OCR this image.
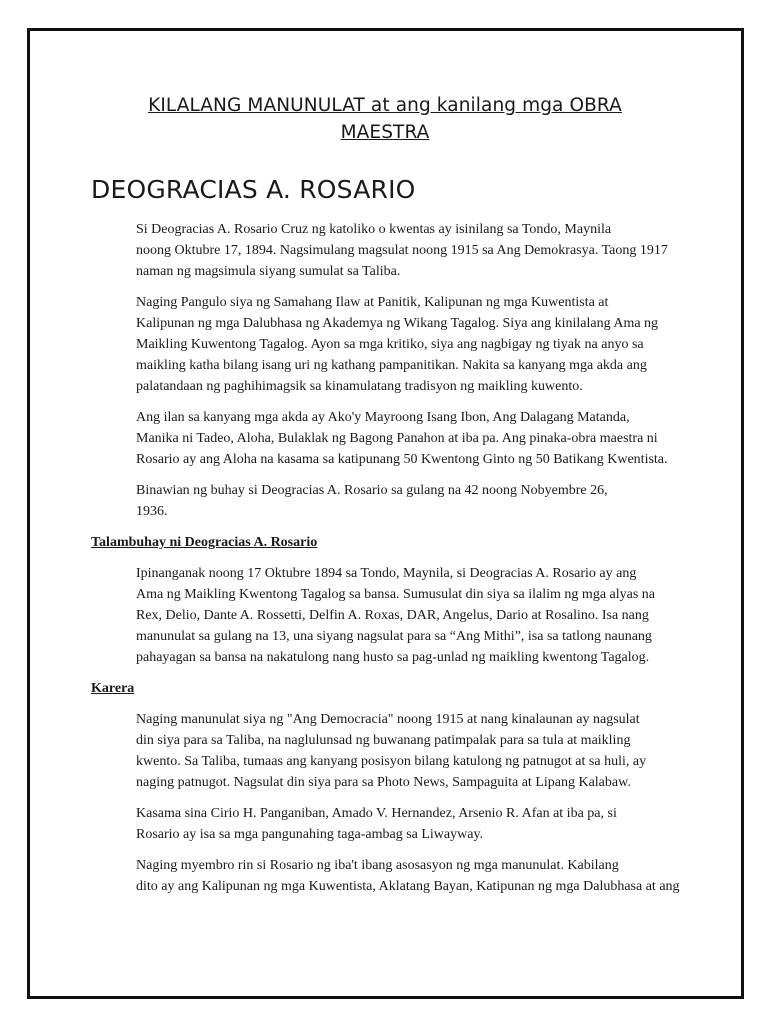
KILALANG MANUNULAT at ang kanilang mga OBRA
MAESTRA
DEOGRACIAS A. ROSARIO

Si Deogracias A. Rosario Cruz ng katoliko o kwentas ay isinilang sa Tondo, Maynila
noong Oktubre 17, 1894. Nagsimulang magsulat noong 1915 sa Ang Demokrasya. Taong 1917
naman ng magsimula siyang sumulat sa Taliba.

Naging Pangulo siya ng Samahang Ilaw at Panitik, Kalipunan ng mga Kuwentista at
Kalipunan ng mga Dalubhasa ng Akademya ng Wikang Tagalog. Siya ang kinilalang Ama ng
Maikling Kuwentong Tagalog. Ayon sa mga kritiko, siya ang nagbigay ng tiyak na anyo sa
maikling katha bilang isang uri ng kathang pampanitikan. Nakita sa kanyang mga akda ang
palatandaan ng paghihimagsik sa kinamulatang tradisyon ng maikling kuwento.

Ang ilan sa kanyang mga akda ay Ako'y Mayroong Isang Ibon, Ang Dalagang Matanda,
Manika ni Tadeo, Aloha, Bulaklak ng Bagong Panahon at iba pa. Ang pinaka-obra maestra ni
Rosario ay ang Aloha na kasama sa katipunang 50 Kwentong Ginto ng 50 Batikang Kwentista.

Binawian ng buhay si Deogracias A. Rosario sa gulang na 42 noong Nobyembre 26,
1936.

Talambuhay ni Deogracias A. Rosario

Ipinanganak noong 17 Oktubre 1894 sa Tondo, Maynila, si Deogracias A. Rosario ay ang
Ama ng Maikling Kwentong Tagalog sa bansa. Sumusulat din siya sa ilalim ng mga alyas na
Rex, Delio, Dante A. Rossetti, Delfin A. Roxas, DAR, Angelus, Dario at Rosalino. Isa nang
manunulat sa gulang na 13, una siyang nagsulat para sa “Ang Mithi”, isa sa tatlong naunang
pahayagan sa bansa na nakatulong nang husto sa pag-unlad ng maikling kwentong Tagalog.

Karera

Naging manunulat siya ng "Ang Democracia" noong 1915 at nang kinalaunan ay nagsulat
din siya para sa Taliba, na naglulunsad ng buwanang patimpalak para sa tula at maikling
kwento. Sa Taliba, tumaas ang kanyang posisyon bilang katulong ng patnugot at sa huli, ay
naging patnugot. Nagsulat din siya para sa Photo News, Sampaguita at Lipang Kalabaw.

Kasama sina Cirio H. Panganiban, Amado V. Hernandez, Arsenio R. Afan at iba pa, si
Rosario ay isa sa mga pangunahing taga-ambag sa Liwayway.

Naging myembro rin si Rosario ng iba't ibang asosasyon ng mga manunulat. Kabilang
dito ay ang Kalipunan ng mga Kuwentista, Aklatang Bayan, Katipunan ng mga Dalubhasa at ang
